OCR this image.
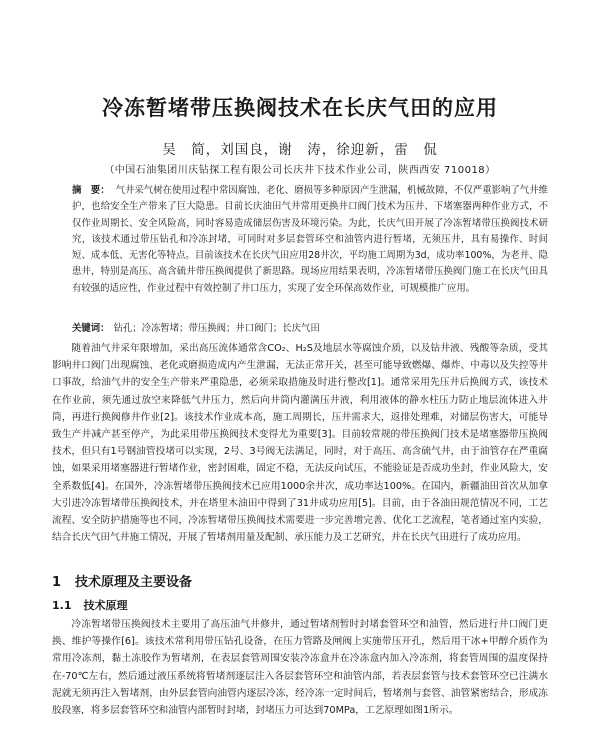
冷冻暂堵带压换阀技术在长庆气田的应用
吴　简，刘国良，谢　涛，徐迎新，雷　侃
（中国石油集团川庆钻探工程有限公司长庆井下技术作业公司，陕西西安 710018）
摘　要： 气井采气树在使用过程中常因腐蚀、老化、磨损等多种原因产生泄漏，机械故障，不仅严重影响了气井维护，也给安全生产带来了巨大隐患。目前长庆油田气井常用更换井口阀门技术为压井、下堵塞器两种作业方式，不仅作业周期长、安全风险高，同时容易造成储层伤害及环境污染。为此，长庆气田开展了冷冻暂堵带压换阀技术研究，该技术通过带压钻孔和冷冻封堵，可同时对多层套管环空和油管内进行暂堵，无须压井，具有易操作、时间短、成本低、无害化等特点。目前该技术在长庆气田应用28井次，平均施工周期为3d，成功率100%，为老井、隐患井，特别是高压、高含硫井带压换阀提供了新思路。现场应用结果表明，冷冻暂堵带压换阀门施工在长庆气田具有较强的适应性，作业过程中有效控制了井口压力，实现了安全环保高效作业，可规模推广应用。
关键词： 钻孔；冷冻暂堵；带压换阀；井口阀门；长庆气田
随着油气井采年限增加，采出高压流体通常含CO₂、H₂S及地层水等腐蚀介质，以及钻井液、残酸等杂质，受其影响井口阀门出现腐蚀、老化或磨损造成内产生泄漏，无法正常开关，甚至可能导致燃爆、爆炸、中毒以及失控等井口事故，给油气井的安全生产带来严重隐患，必须采取措施及时进行整改[1]。通常采用先压井后换阀方式，该技术在作业前，须先通过放空来降低气井压力，然后向井筒内灌满压井液，利用液体的静水柱压力防止地层流体进入井筒，再进行换阀修井作业[2]。该技术作业成本高，施工周期长，压井需求大，返排处理难，对储层伤害大，可能导致生产井减产甚至停产，为此采用带压换阀技术变得尤为重要[3]。目前较常规的带压换阀门技术是堵塞器带压换阀技术，但只有1号钢油管投堵可以实现，2号、3号阀无法满足，同时，对于高压、高含硫气井，由于油管存在严重腐蚀，如果采用堵塞器进行暂堵作业，密封困难，固定不稳，无法反向试压，不能验证是否成功坐封，作业风险大，安全系数低[4]。在国外，冷冻暂堵带压换阀技术已应用1000余井次，成功率达100%。在国内，新疆油田首次从加拿大引进冷冻暂堵带压换阀技术，并在塔里木油田中得到了31井成功应用[5]。目前，由于各油田规范情况不同，工艺流程、安全防护措施等也不同，冷冻暂堵带压换阀技术需要进一步完善增完善、优化工艺流程，笔者通过室内实验，结合长庆气田气井施工情况，开展了暂堵剂用量及配制、承压能力及工艺研究，并在长庆气田进行了成功应用。
1 技术原理及主要设备
1.1 技术原理
冷冻暂堵带压换阀技术主要用了高压油气井修井，通过暂堵剂暂时封堵套管环空和油管，然后进行井口阀门更换、维护等操作[6]。该技术常利用带压钻孔设备，在压力管路及闸阀上实施带压开孔，然后用干冰+甲醇介质作为常用冷冻剂，黏土冻胶作为暂堵剂，在表层套管周围安装冷冻盒并在冷冻盒内加入冷冻剂，将套管周围的温度保持在-70℃左右，然后通过液压系统将暂堵剂逐层注入各层套管环空和油管内部，若表层套管与技术套管环空已注满水泥就无须再注入暂堵剂，由外层套管向油管内逐层冷冻，经冷冻一定时间后，暂堵剂与套管、油管紧密结合，形成冻胶段塞，将多层套管环空和油管内部暂时封堵，封堵压力可达到70MPa，工艺原理如图1所示。
